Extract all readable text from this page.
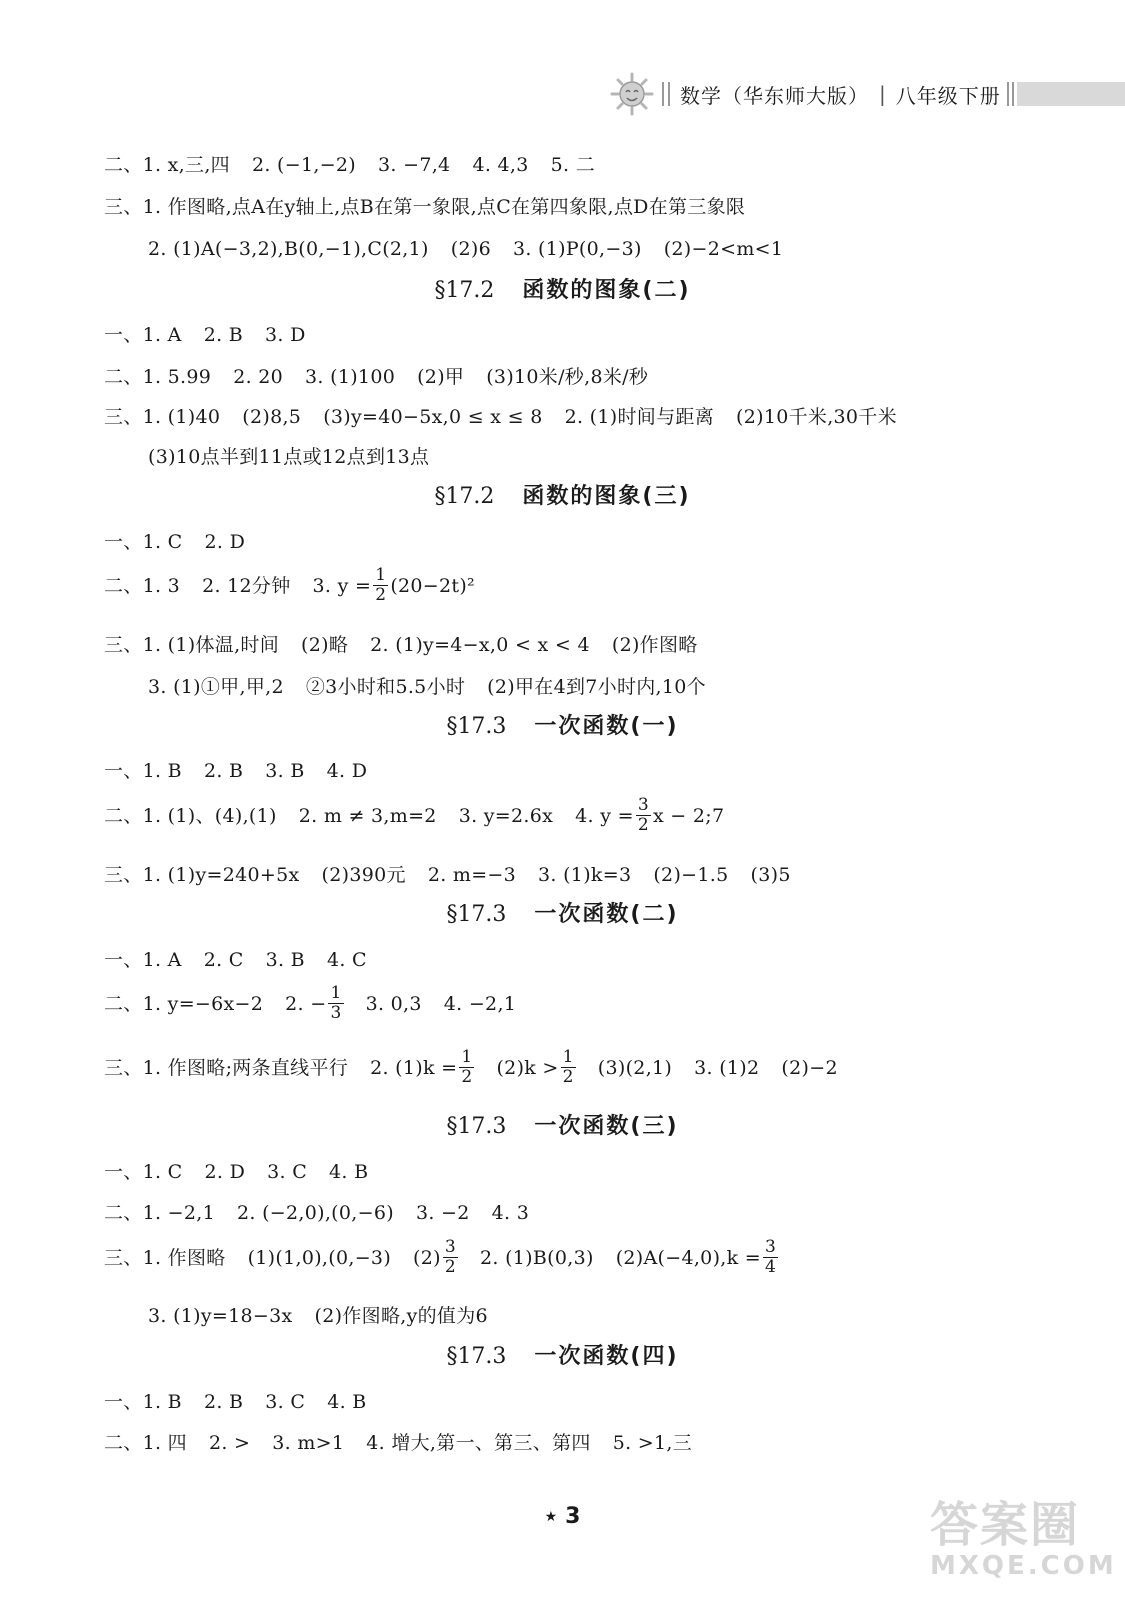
数学（华东师大版） | 八年级下册
二、1. x,三,四 2. (−1,−2) 3. −7,4 4. 4,3 5. 二
三、1. 作图略,点A在y轴上,点B在第一象限,点C在第四象限,点D在第三象限
2. (1)A(−3,2),B(0,−1),C(2,1) (2)6 3. (1)P(0,−3) (2)−2<m<1
§17.2 函数的图象(二)
一、1. A 2. B 3. D
二、1. 5.99 2. 20 3. (1)100 (2)甲 (3)10米/秒,8米/秒
三、1. (1)40 (2)8,5 (3)y=40−5x,0 ≤ x ≤ 8 2. (1)时间与距离 (2)10千米,30千米
(3)10点半到11点或12点到13点
§17.2 函数的图象(三)
一、1. C 2. D
二、1. 3 2. 12分钟 3. $y = \frac{1}{2} (20-2t)^2$
三、1. (1)体温,时间 (2)略 2. (1)y=4−x,0 < x < 4 (2)作图略
3. (1)①甲,甲,2 ②3小时和5.5小时 (2)甲在4到7小时内,10个
§17.3 一次函数(一)
一、1. B 2. B 3. B 4. D
二、1. (1)、(4),(1) 2. m ≠ 3,m=2 3. y=2.6x 4. $y = \frac{3}{2}$ x − 2;7
三、1. (1)y=240+5x (2)390元 2. m=−3 3. (1)k=3 (2)−1.5 (3)5
§17.3 一次函数(二)
一、1. A 2. C 3. B 4. C
二、1. y=−6x−2 2. − $\frac{1}{3} 3$. 0,3 4. −2,1
三、1. 作图略;两条直线平行 2. $(1)k = \frac{1}{2} (2)k > \frac{1}{2} (3)(2,1)$ 3. (1)2 (2)−2
§17.3 一次函数(三)
一、1. C 2. D 3. C 4. B
二、1. −2,1 2. (−2,0),(0,−6) 3. −2 4. 3
三、1. 作图略 (1)(1,0),(0,−3) $(2) \frac{3}{2} 2$. (1)B(0,3) $(2)A(-4,0),k = \frac{3}{4}$
3. (1)y=18−3x (2)作图略,y的值为6
§17.3 一次函数(四)
一、1. B 2. B 3. C 4. B
二、1. 四 2. > 3. m>1 4. 增大,第一、第三、第四 5. >1,三
★ 3	答案圈
MXQE.COM
